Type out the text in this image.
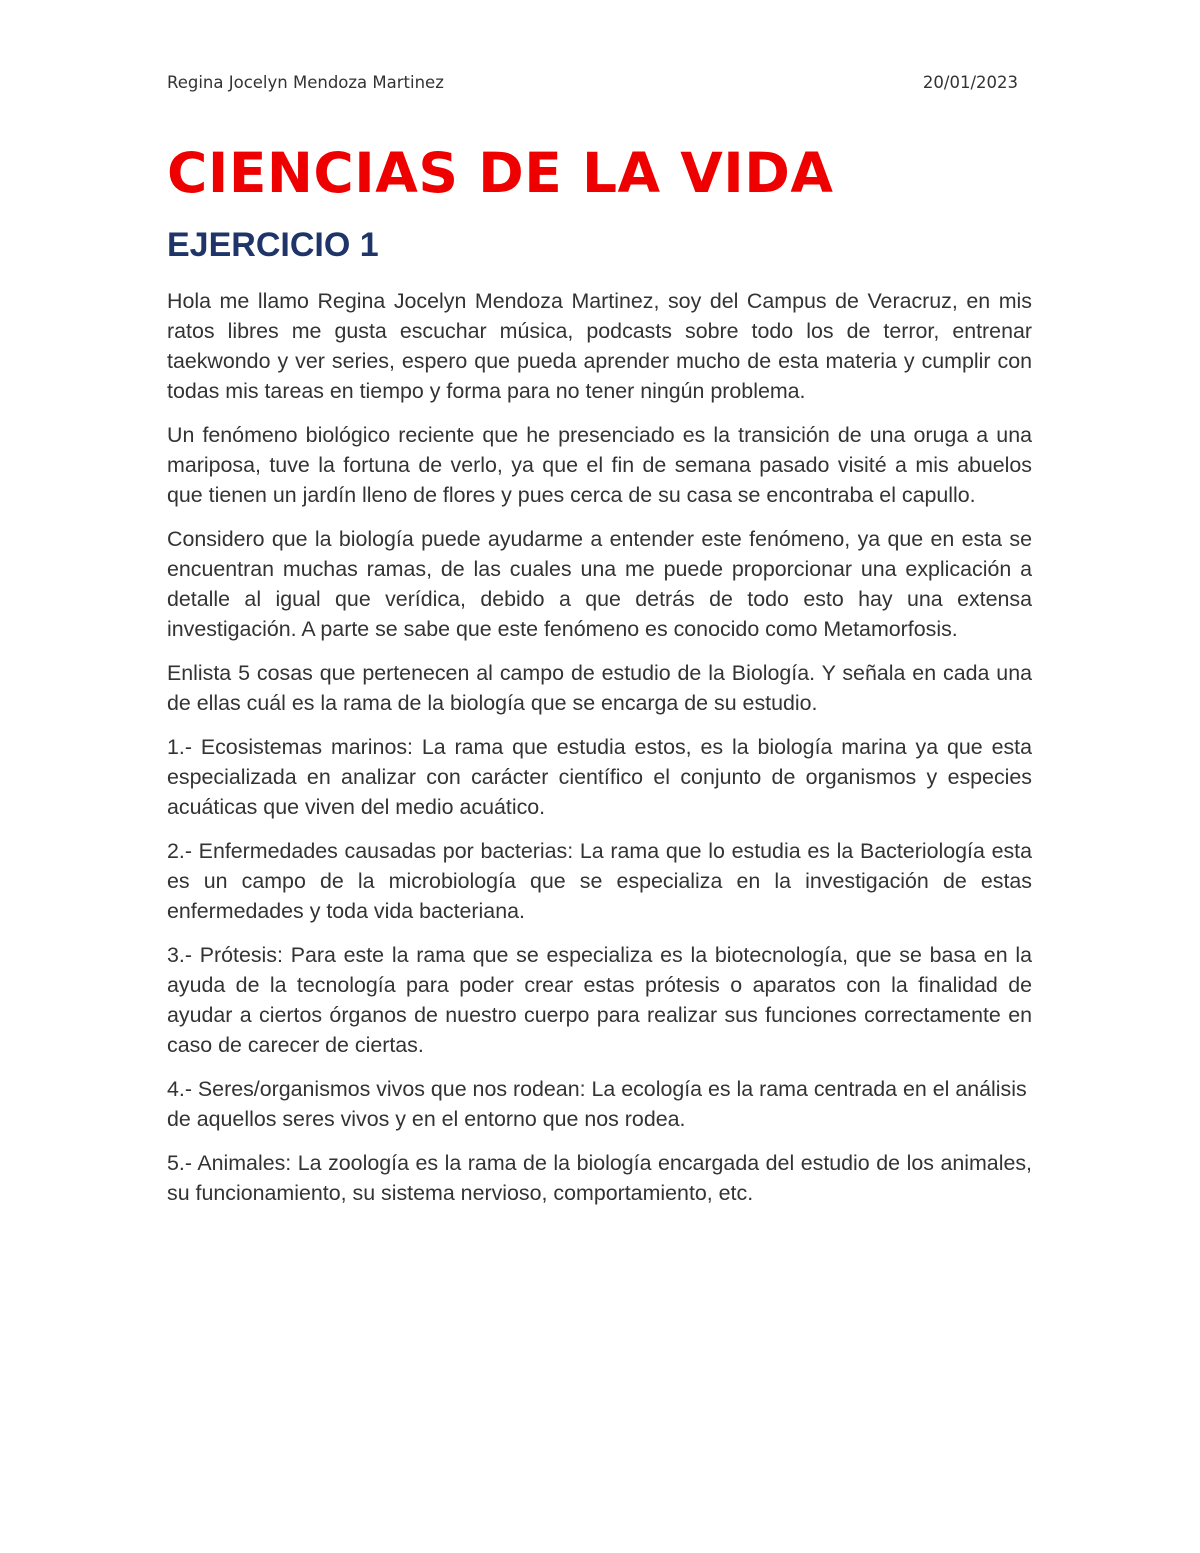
Regina Jocelyn Mendoza Martinez	20/01/2023
CIENCIAS DE LA VIDA
EJERCICIO 1

Hola me llamo Regina Jocelyn Mendoza Martinez, soy del Campus de Veracruz, en mis ratos libres me gusta escuchar música, podcasts sobre todo los de terror, entrenar taekwondo y ver series, espero que pueda aprender mucho de esta materia y cumplir con todas mis tareas en tiempo y forma para no tener ningún problema.

Un fenómeno biológico reciente que he presenciado es la transición de una oruga a una mariposa, tuve la fortuna de verlo, ya que el fin de semana pasado visité a mis abuelos que tienen un jardín lleno de flores y pues cerca de su casa se encontraba el capullo.

Considero que la biología puede ayudarme a entender este fenómeno, ya que en esta se encuentran muchas ramas, de las cuales una me puede proporcionar una explicación a detalle al igual que verídica, debido a que detrás de todo esto hay una extensa investigación. A parte se sabe que este fenómeno es conocido como Metamorfosis.

Enlista 5 cosas que pertenecen al campo de estudio de la Biología. Y señala en cada una de ellas cuál es la rama de la biología que se encarga de su estudio.

1.- Ecosistemas marinos: La rama que estudia estos, es la biología marina ya que esta especializada en analizar con carácter científico el conjunto de organismos y especies acuáticas que viven del medio acuático.

2.- Enfermedades causadas por bacterias: La rama que lo estudia es la Bacteriología esta es un campo de la microbiología que se especializa en la investigación de estas enfermedades y toda vida bacteriana.

3.- Prótesis: Para este la rama que se especializa es la biotecnología, que se basa en la ayuda de la tecnología para poder crear estas prótesis o aparatos con la finalidad de ayudar a ciertos órganos de nuestro cuerpo para realizar sus funciones correctamente en caso de carecer de ciertas.

4.- Seres/organismos vivos que nos rodean: La ecología es la rama centrada en el análisis de aquellos seres vivos y en el entorno que nos rodea.

5.- Animales: La zoología es la rama de la biología encargada del estudio de los animales, su funcionamiento, su sistema nervioso, comportamiento, etc.
